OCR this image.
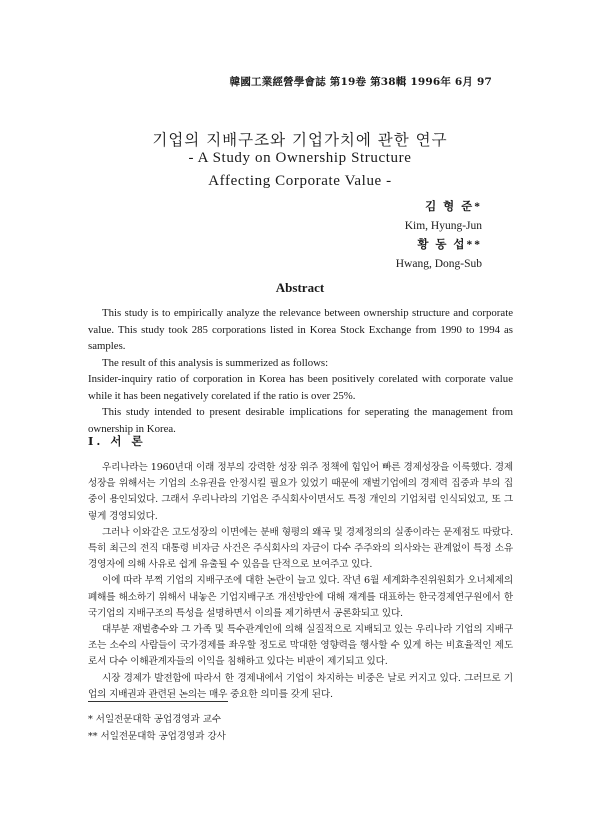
韓國工業經營學會誌 第19卷 第38輯 1996年 6月 97
기업의 지배구조와 기업가치에 관한 연구
- A Study on Ownership Structure
Affecting Corporate Value -
김 형 준*
Kim, Hyung-Jun
황 동 섭**
Hwang, Dong-Sub
Abstract

This study is to empirically analyze the relevance between ownership structure and corporate value. This study took 285 corporations listed in Korea Stock Exchange from 1990 to 1994 as samples.

The result of this analysis is summerized as follows:

Insider-inquiry ratio of corporation in Korea has been positively corelated with corporate value while it has been negatively corelated if the ratio is over 25%.

This study intended to present desirable implications for seperating the management from ownership in Korea.

Ⅰ. 서 론

우리나라는 1960년대 이래 정부의 강력한 성장 위주 정책에 힘입어 빠른 경제성장을 이룩했다. 경제성장을 위해서는 기업의 소유권을 안정시킬 필요가 있었기 때문에 재벌기업에의 경제력 집중과 부의 집중이 용인되었다. 그래서 우리나라의 기업은 주식회사이면서도 특정 개인의 기업처럼 인식되었고, 또 그렇게 경영되었다.

그러나 이와같은 고도성장의 이면에는 분배 형평의 왜곡 및 경제정의의 실종이라는 문제점도 따랐다. 특히 최근의 전직 대통령 비자금 사건은 주식회사의 자금이 다수 주주와의 의사와는 관계없이 특정 소유경영자에 의해 사유로 쉽게 유출될 수 있음을 단적으로 보여주고 있다.

이에 따라 부쩍 기업의 지배구조에 대한 논란이 늘고 있다. 작년 6월 세계화추진위원회가 오너체제의 폐해를 해소하기 위해서 내놓은 기업지배구조 개선방안에 대해 재계를 대표하는 한국경제연구원에서 한국기업의 지배구조의 특성을 설명하면서 이의를 제기하면서 공론화되고 있다.

대부분 재벌총수와 그 가족 및 특수관계인에 의해 실질적으로 지배되고 있는 우리나라 기업의 지배구조는 소수의 사람들이 국가경제를 좌우할 정도로 막대한 영향력을 행사할 수 있게 하는 비효율적인 제도로서 다수 이해관계자들의 이익을 침해하고 있다는 비판이 제기되고 있다.

시장 경제가 발전함에 따라서 한 경제내에서 기업이 차지하는 비중은 날로 커지고 있다. 그러므로 기업의 지배권과 관련된 논의는 매우 중요한 의미를 갖게 된다.

* 서일전문대학 공업경영과 교수
** 서일전문대학 공업경영과 강사
